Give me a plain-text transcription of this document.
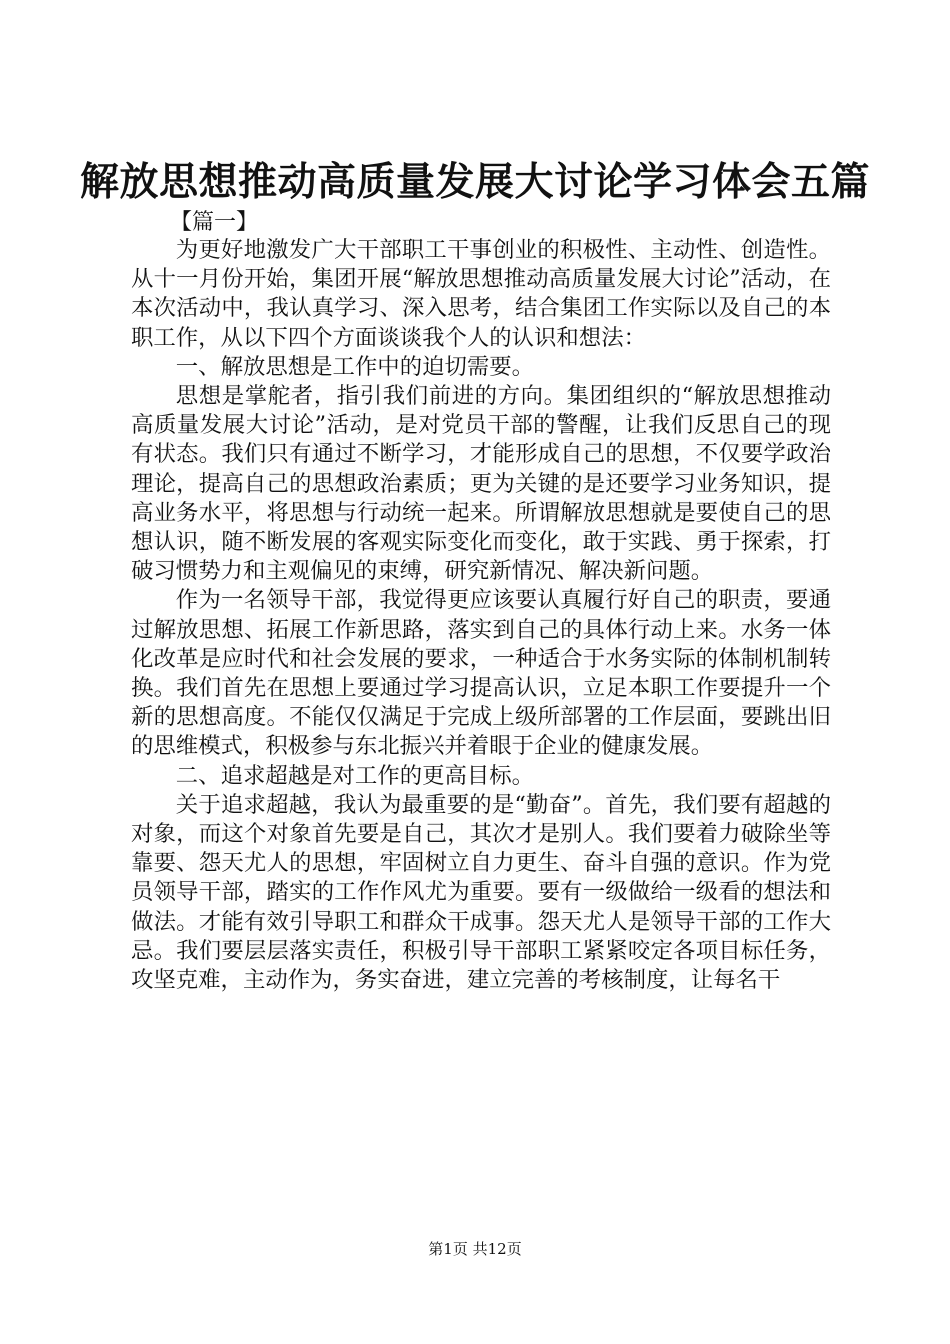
解放思想推动高质量发展大讨论学习体会五篇
【篇一】

为更好地激发广大干部职工干事创业的积极性、主动性、创造性。从十一月份开始，集团开展“解放思想推动高质量发展大讨论”活动，在本次活动中，我认真学习、深入思考，结合集团工作实际以及自己的本职工作，从以下四个方面谈谈我个人的认识和想法：

一、解放思想是工作中的迫切需要。

思想是掌舵者，指引我们前进的方向。集团组织的“解放思想推动高质量发展大讨论”活动，是对党员干部的警醒，让我们反思自己的现有状态。我们只有通过不断学习，才能形成自己的思想，不仅要学政治理论，提高自己的思想政治素质；更为关键的是还要学习业务知识，提高业务水平，将思想与行动统一起来。所谓解放思想就是要使自己的思想认识，随不断发展的客观实际变化而变化，敢于实践、勇于探索，打破习惯势力和主观偏见的束缚，研究新情况、解决新问题。

作为一名领导干部，我觉得更应该要认真履行好自己的职责，要通过解放思想、拓展工作新思路，落实到自己的具体行动上来。水务一体化改革是应时代和社会发展的要求，一种适合于水务实际的体制机制转换。我们首先在思想上要通过学习提高认识，立足本职工作要提升一个新的思想高度。不能仅仅满足于完成上级所部署的工作层面，要跳出旧的思维模式，积极参与东北振兴并着眼于企业的健康发展。

二、追求超越是对工作的更高目标。

关于追求超越，我认为最重要的是“勤奋”。首先，我们要有超越的对象，而这个对象首先要是自己，其次才是别人。我们要着力破除坐等靠要、怨天尤人的思想，牢固树立自力更生、奋斗自强的意识。作为党员领导干部，踏实的工作作风尤为重要。要有一级做给一级看的想法和做法。才能有效引导职工和群众干成事。怨天尤人是领导干部的工作大忌。我们要层层落实责任，积极引导干部职工紧紧咬定各项目标任务，攻坚克难，主动作为，务实奋进，建立完善的考核制度，让每名干

第1页 共12页
